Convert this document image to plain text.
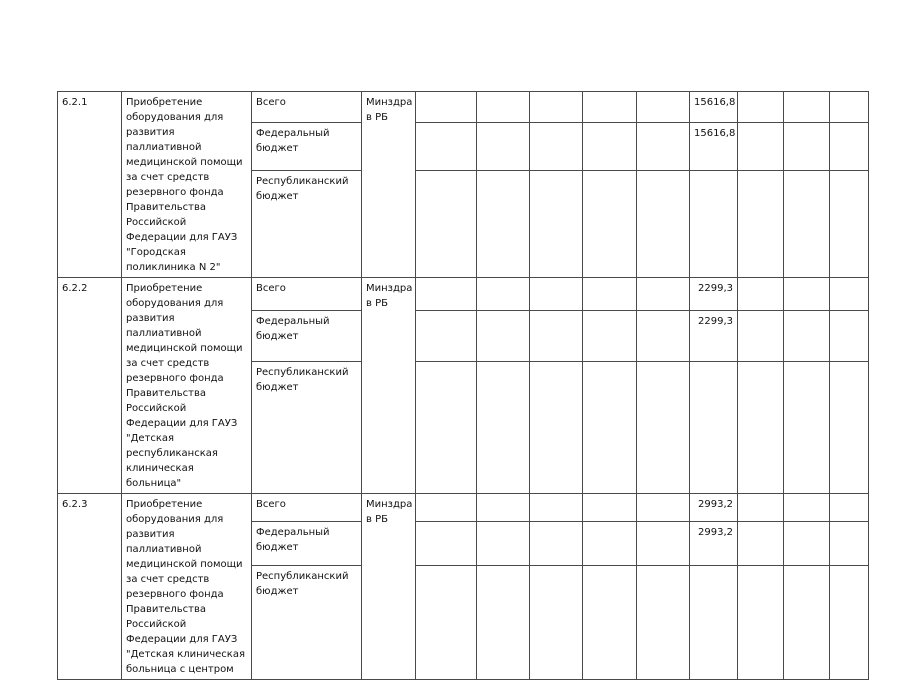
6.2.1	Приобретение оборудования для развития паллиативной медицинской помощи за счет средств резервного фонда Правительства Российской Федерации для ГАУЗ "Городская поликлиника N 2"	Всего	Минздра в РБ						15616,8			
		Федеральный бюджет							15616,8			
		Республиканский бюджет										
6.2.2	Приобретение оборудования для развития паллиативной медицинской помощи за счет средств резервного фонда Правительства Российской Федерации для ГАУЗ "Детская республиканская клиническая больница"	Всего	Минздра в РБ						2299,3			
		Федеральный бюджет							2299,3			
		Республиканский бюджет										
6.2.3	Приобретение оборудования для развития паллиативной медицинской помощи за счет средств резервного фонда Правительства Российской Федерации для ГАУЗ "Детская клиническая больница с центром	Всего	Минздра в РБ						2993,2			
		Федеральный бюджет							2993,2			
		Республиканский бюджет										
